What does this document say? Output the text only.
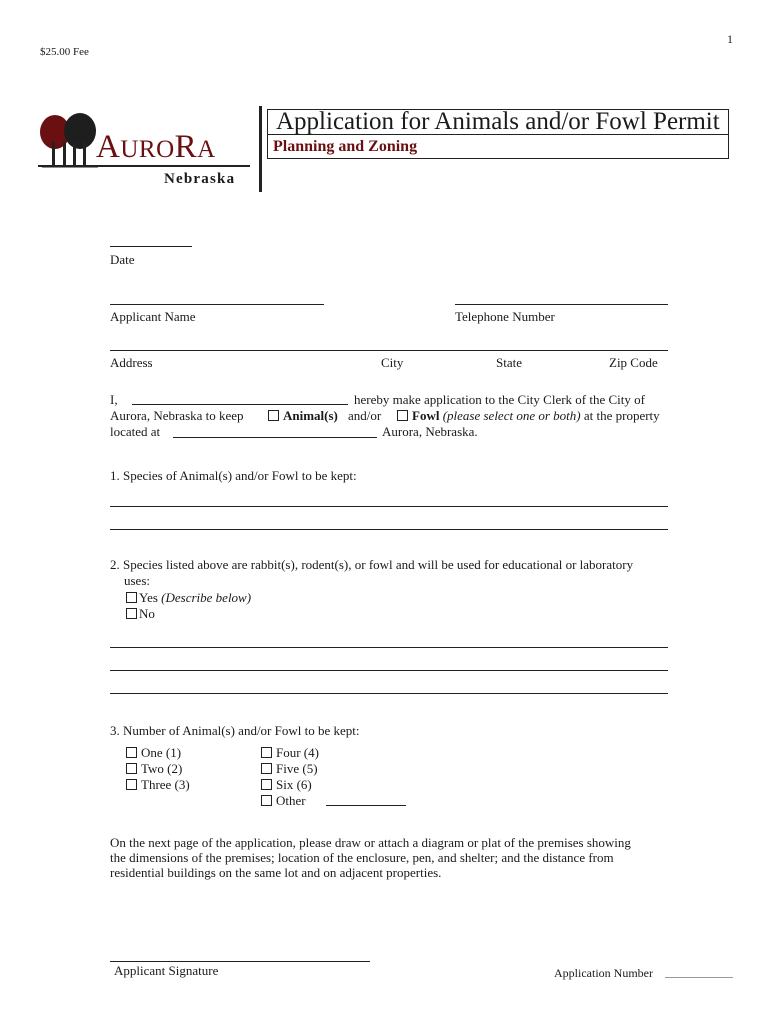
1
$25.00 Fee
AURORA
Nebraska
Application for Animals and/or Fowl Permit
Planning and Zoning
Date
Applicant Name	Telephone Number
Address	City	State	Zip Code
I,	hereby make application to the City Clerk of the City of
Aurora, Nebraska to keep	Animal(s) and/or	Fowl (please select one or both) at the property
located at	Aurora, Nebraska.
1. Species of Animal(s) and/or Fowl to be kept:
2. Species listed above are rabbit(s), rodent(s), or fowl and will be used for educational or laboratory
uses:
Yes (Describe below)
No
3. Number of Animal(s) and/or Fowl to be kept:
One (1)
Two (2)
Three (3)
Four (4)
Five (5)
Six (6)
Other
On the next page of the application, please draw or attach a diagram or plat of the premises showing
the dimensions of the premises; location of the enclosure, pen, and shelter; and the distance from
residential buildings on the same lot and on adjacent properties.
Applicant Signature	Application Number
